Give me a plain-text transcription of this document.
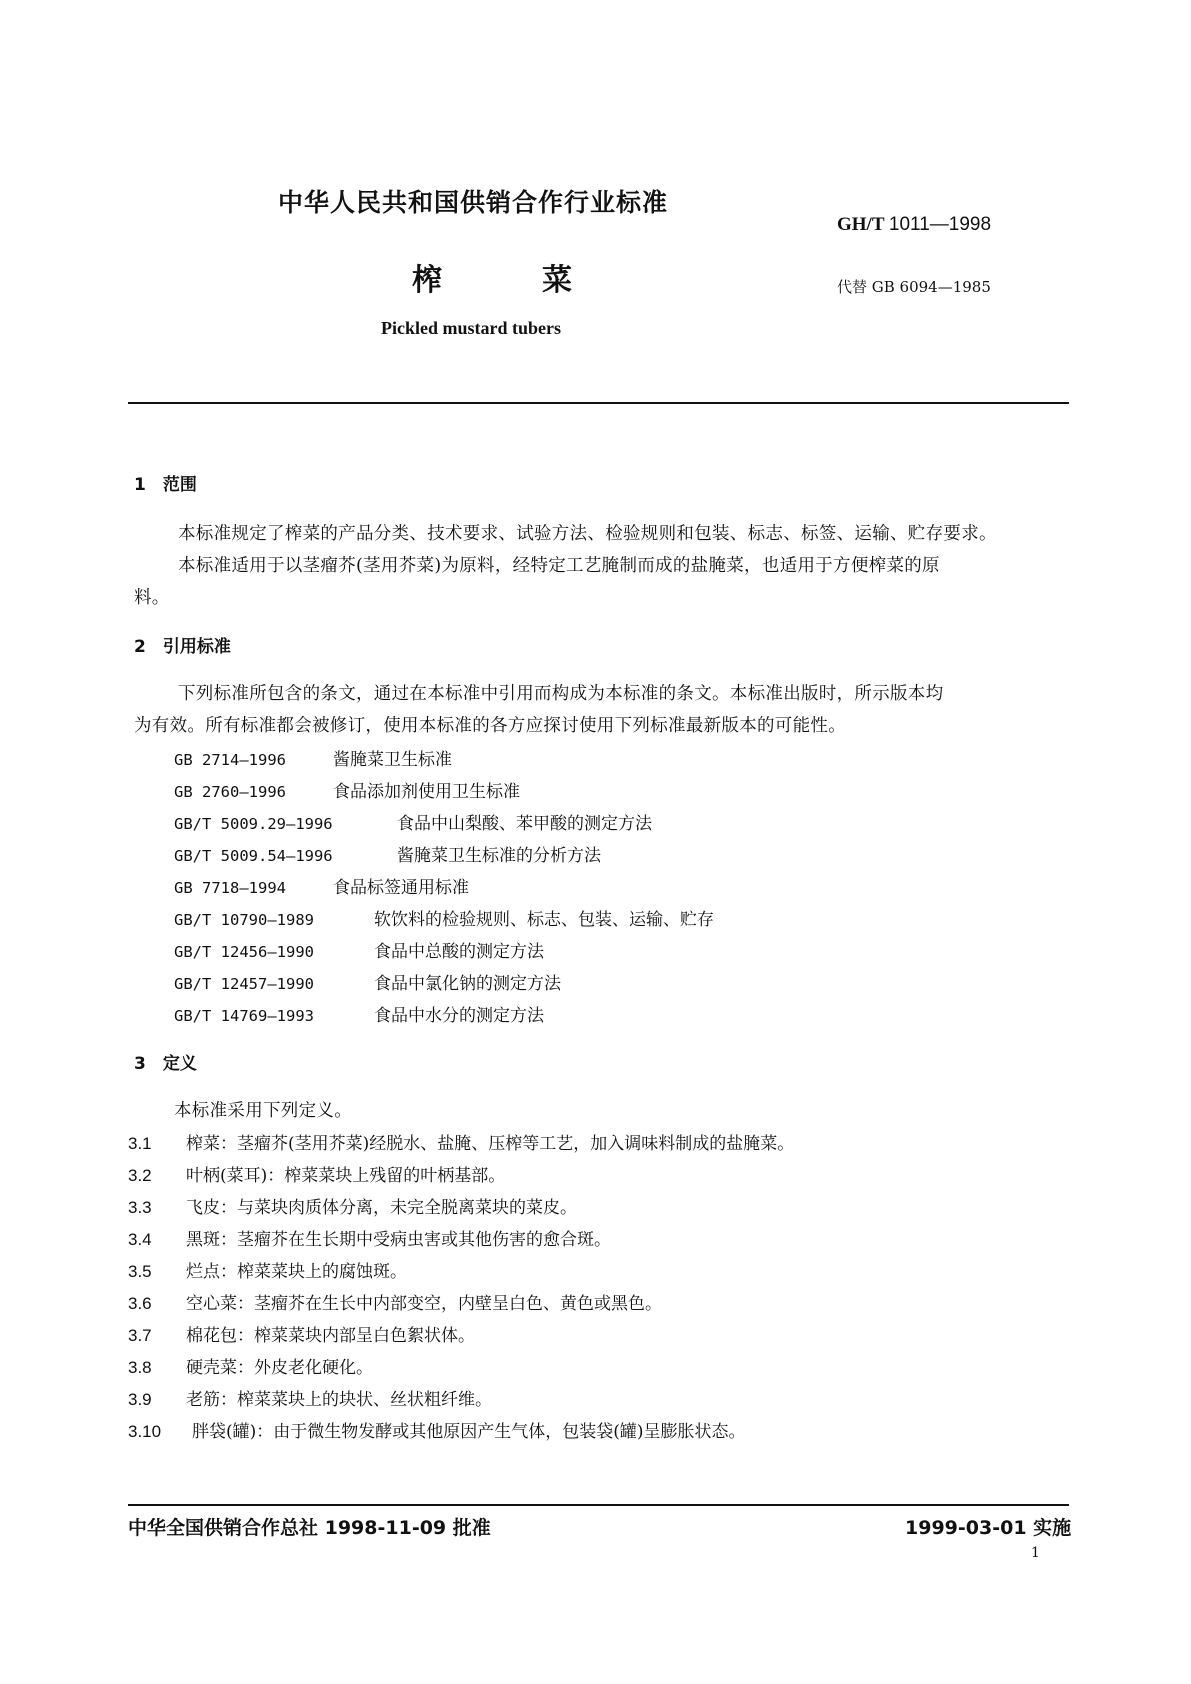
中华人民共和国供销合作行业标准
GH/T 1011—1998
榨	菜	代替 GB 6094—1985
Pickled mustard tubers
1　范围
本标准规定了榨菜的产品分类、技术要求、试验方法、检验规则和包装、标志、标签、运输、贮存要求。
本标准适用于以茎瘤芥(茎用芥菜)为原料，经特定工艺腌制而成的盐腌菜，也适用于方便榨菜的原
料。
2　引用标准
下列标准所包含的条文，通过在本标准中引用而构成为本标准的条文。本标准出版时，所示版本均
为有效。所有标准都会被修订，使用本标准的各方应探讨使用下列标准最新版本的可能性。
GB 2714—1996	酱腌菜卫生标准
GB 2760—1996	食品添加剂使用卫生标准
GB/T 5009.29—1996	食品中山梨酸、苯甲酸的测定方法
GB/T 5009.54—1996	酱腌菜卫生标准的分析方法
GB 7718—1994	食品标签通用标准
GB/T 10790—1989	软饮料的检验规则、标志、包装、运输、贮存
GB/T 12456—1990	食品中总酸的测定方法
GB/T 12457—1990	食品中氯化钠的测定方法
GB/T 14769—1993	食品中水分的测定方法
3　定义
本标准采用下列定义。
3.1 榨菜：茎瘤芥(茎用芥菜)经脱水、盐腌、压榨等工艺，加入调味料制成的盐腌菜。
3.2 叶柄(菜耳)：榨菜菜块上残留的叶柄基部。
3.3 飞皮：与菜块肉质体分离，未完全脱离菜块的菜皮。
3.4 黑斑：茎瘤芥在生长期中受病虫害或其他伤害的愈合斑。
3.5 烂点：榨菜菜块上的腐蚀斑。
3.6 空心菜：茎瘤芥在生长中内部变空，内壁呈白色、黄色或黑色。
3.7 棉花包：榨菜菜块内部呈白色絮状体。
3.8 硬壳菜：外皮老化硬化。
3.9 老筋：榨菜菜块上的块状、丝状粗纤维。
3.10 胖袋(罐)：由于微生物发酵或其他原因产生气体，包装袋(罐)呈膨胀状态。
中华全国供销合作总社 1998-11-09 批准	1999-03-01 实施
1
